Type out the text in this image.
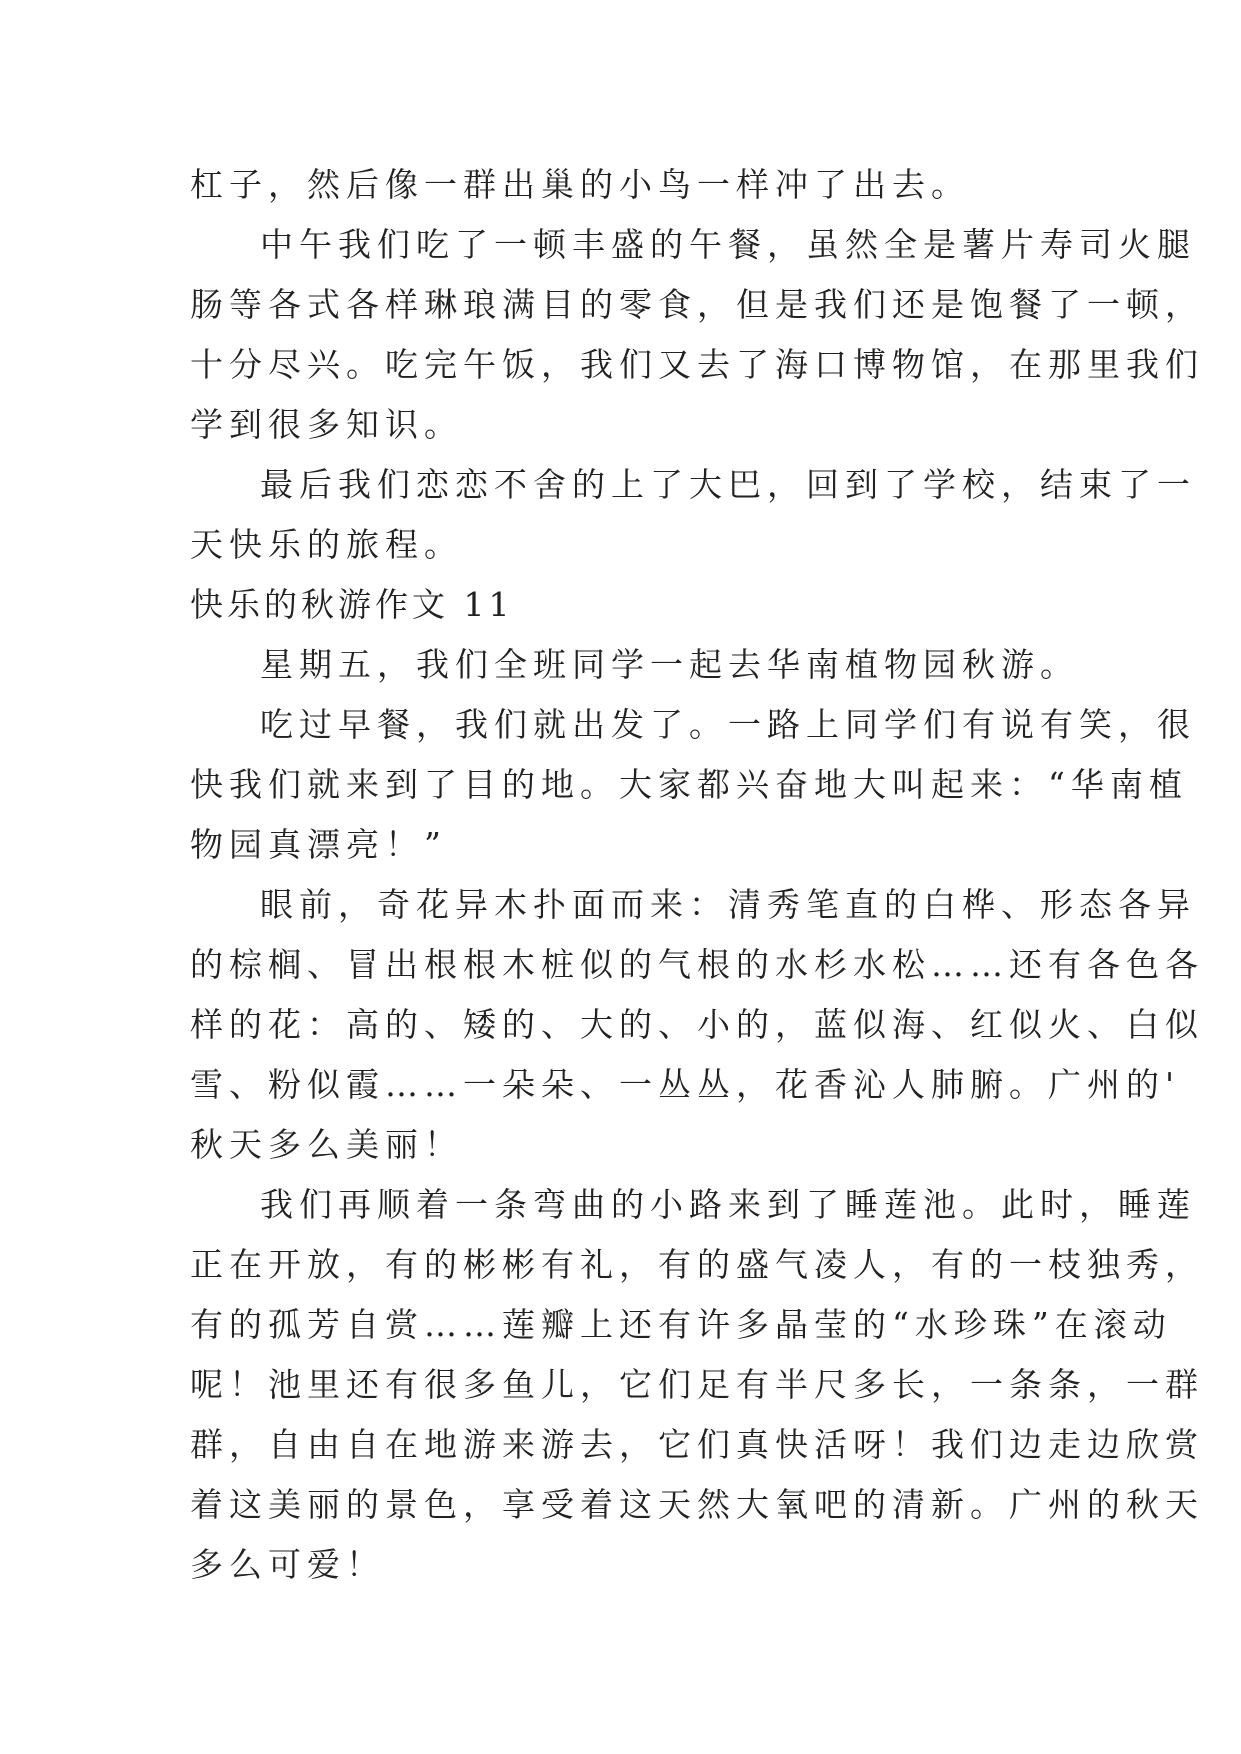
杠子，然后像一群出巢的小鸟一样冲了出去。
中午我们吃了一顿丰盛的午餐，虽然全是薯片寿司火腿
肠等各式各样琳琅满目的零食，但是我们还是饱餐了一顿，
十分尽兴。吃完午饭，我们又去了海口博物馆，在那里我们
学到很多知识。
最后我们恋恋不舍的上了大巴，回到了学校，结束了一
天快乐的旅程。
快乐的秋游作文 11
星期五，我们全班同学一起去华南植物园秋游。
吃过早餐，我们就出发了。一路上同学们有说有笑，很
快我们就来到了目的地。大家都兴奋地大叫起来：“华南植
物园真漂亮！”
眼前，奇花异木扑面而来：清秀笔直的白桦、形态各异
的棕榈、冒出根根木桩似的气根的水杉水松……还有各色各
样的花：高的、矮的、大的、小的，蓝似海、红似火、白似
雪、粉似霞……一朵朵、一丛丛，花香沁人肺腑。广州的'
秋天多么美丽！
我们再顺着一条弯曲的小路来到了睡莲池。此时，睡莲
正在开放，有的彬彬有礼，有的盛气凌人，有的一枝独秀，
有的孤芳自赏……莲瓣上还有许多晶莹的“水珍珠”在滚动
呢！池里还有很多鱼儿，它们足有半尺多长，一条条，一群
群，自由自在地游来游去，它们真快活呀！我们边走边欣赏
着这美丽的景色，享受着这天然大氧吧的清新。广州的秋天
多么可爱！
